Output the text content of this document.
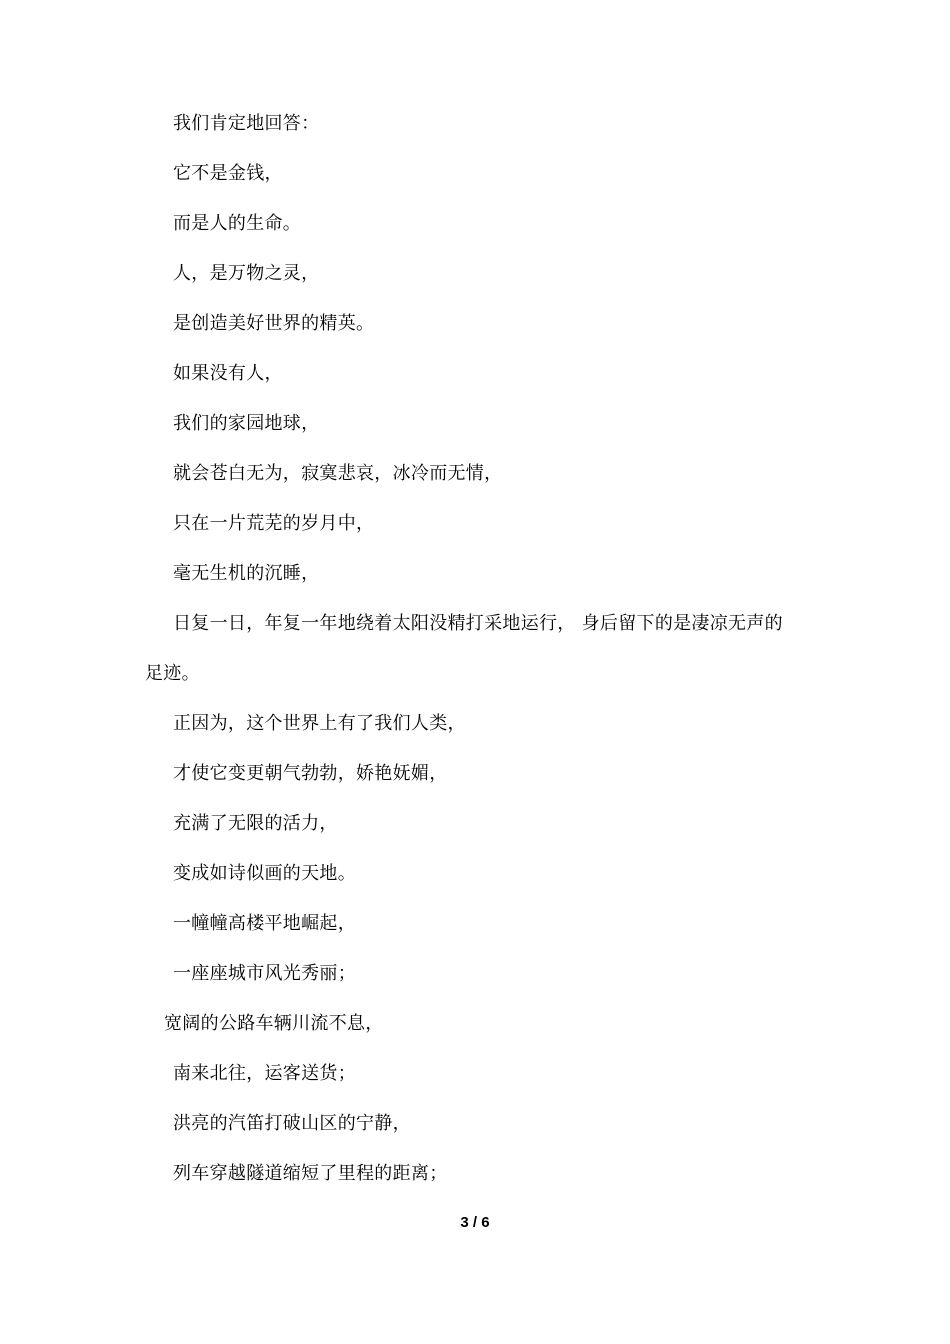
我们肯定地回答：
它不是金钱，
而是人的生命。
人，是万物之灵，
是创造美好世界的精英。
如果没有人，
我们的家园地球，
就会苍白无为，寂寞悲哀，冰冷而无情，
只在一片荒芜的岁月中，
毫无生机的沉睡，
日复一日，年复一年地绕着太阳没精打采地运行， 身后留下的是凄凉无声的
足迹。
正因为，这个世界上有了我们人类，
才使它变更朝气勃勃，娇艳妩媚，
充满了无限的活力，
变成如诗似画的天地。
一幢幢高楼平地崛起，
一座座城市风光秀丽；
宽阔的公路车辆川流不息，
南来北往，运客送货；
洪亮的汽笛打破山区的宁静，
列车穿越隧道缩短了里程的距离；
3 / 6
